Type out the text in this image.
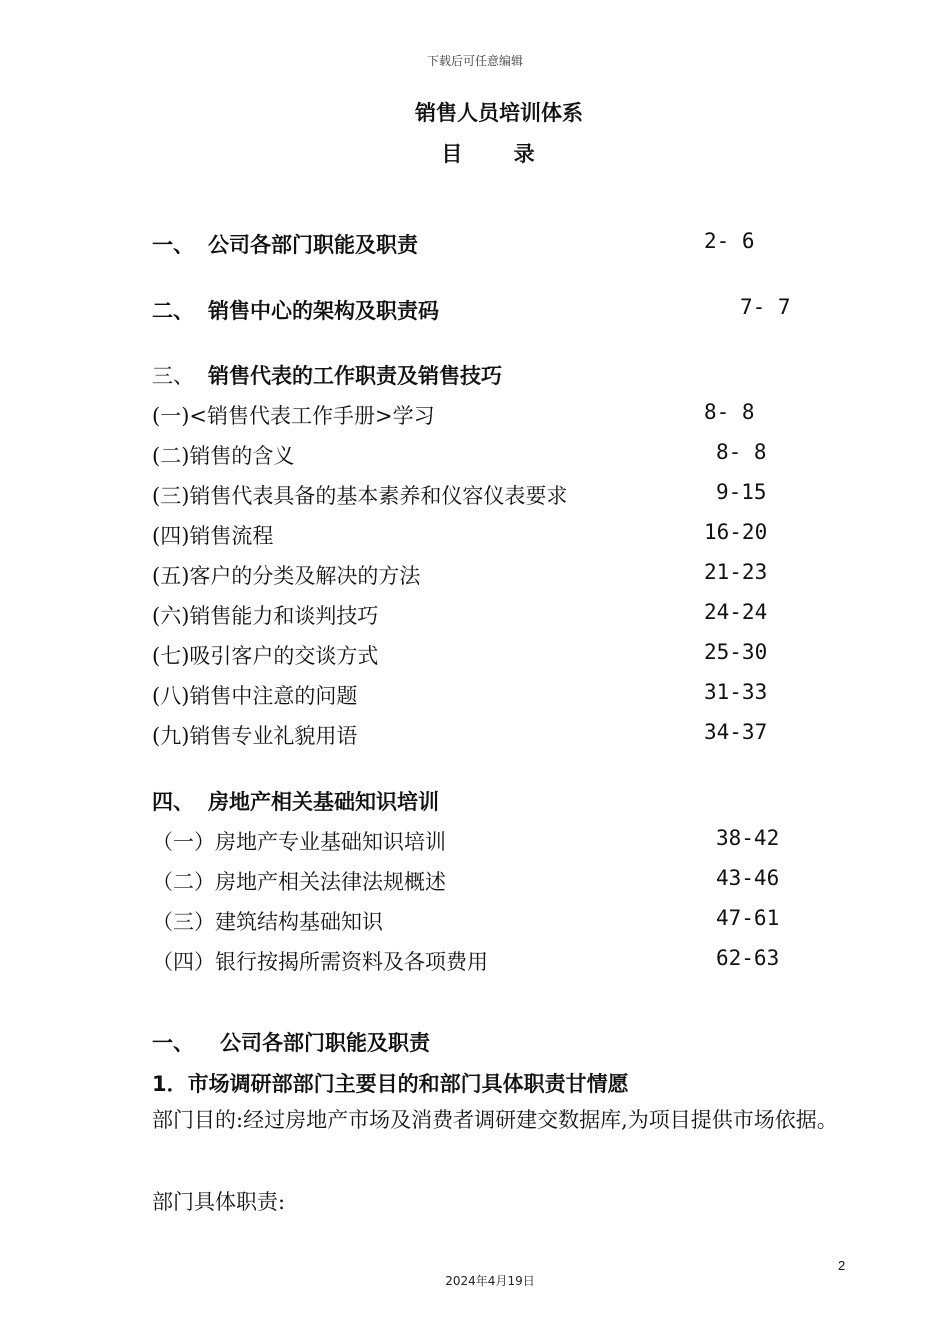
下载后可任意编辑
销售人员培训体系
目 录
一、 公司各部门职能及职责	2- 6
二、 销售中心的架构及职责码	7- 7
三、 销售代表的工作职责及销售技巧
(一)<销售代表工作手册>学习	8- 8
(二)销售的含义	8- 8
(三)销售代表具备的基本素养和仪容仪表要求	9-15
(四)销售流程	16-20
(五)客户的分类及解决的方法	21-23
(六)销售能力和谈判技巧	24-24
(七)吸引客户的交谈方式	25-30
(八)销售中注意的问题	31-33
(九)销售专业礼貌用语	34-37
四、 房地产相关基础知识培训
（一）房地产专业基础知识培训	38-42
（二）房地产相关法律法规概述	43-46
（三）建筑结构基础知识	47-61
（四）银行按揭所需资料及各项费用	62-63
一、 公司各部门职能及职责
1．市场调研部部门主要目的和部门具体职责甘情愿
部门目的:经过房地产市场及消费者调研建交数据库,为项目提供市场依据。
部门具体职责:
2
2024年4月19日
